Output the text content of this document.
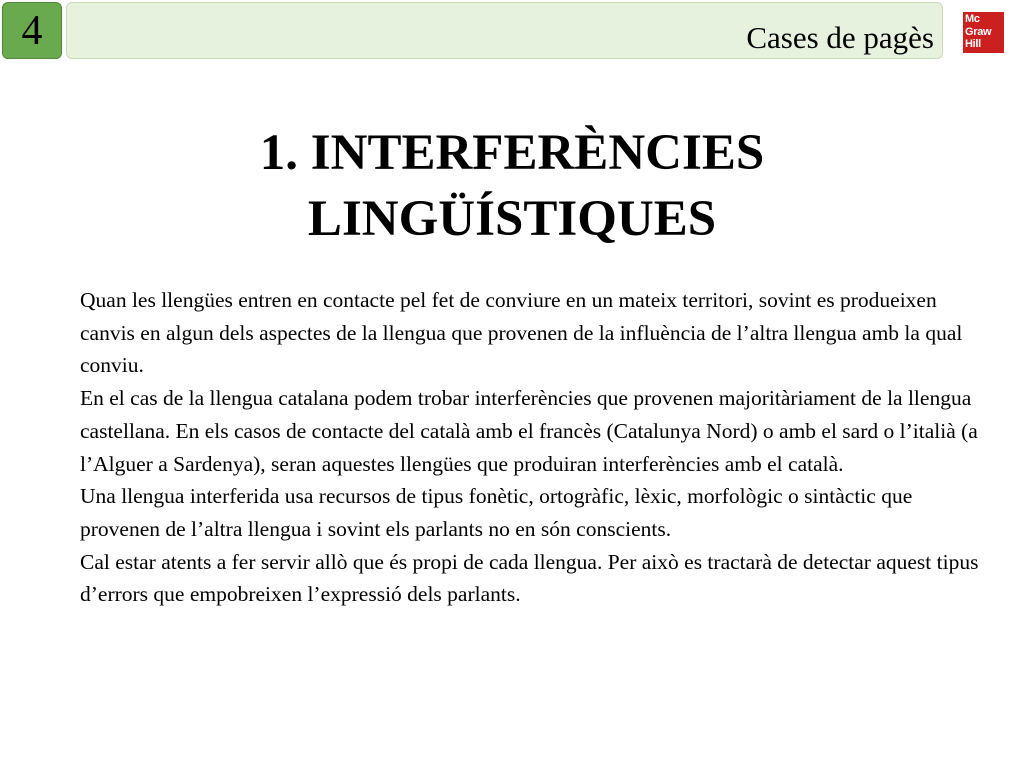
4	Cases de pagès
Mc
Graw
Hill
1. INTERFERÈNCIES
LINGÜÍSTIQUES

Quan les llengües entren en contacte pel fet de conviure en un mateix territori, sovint es produeixen canvis en algun dels aspectes de la llengua que provenen de la influència de l’altra llengua amb la qual conviu.

En el cas de la llengua catalana podem trobar interferències que provenen majoritàriament de la llengua castellana. En els casos de contacte del català amb el francès (Catalunya Nord) o amb el sard o l’italià (a l’Alguer a Sardenya), seran aquestes llengües que produiran interferències amb el català.

Una llengua interferida usa recursos de tipus fonètic, ortogràfic, lèxic, morfològic o sintàctic que provenen de l’altra llengua i sovint els parlants no en són conscients.

Cal estar atents a fer servir allò que és propi de cada llengua. Per això es tractarà de detectar aquest tipus d’errors que empobreixen l’expressió dels parlants.
